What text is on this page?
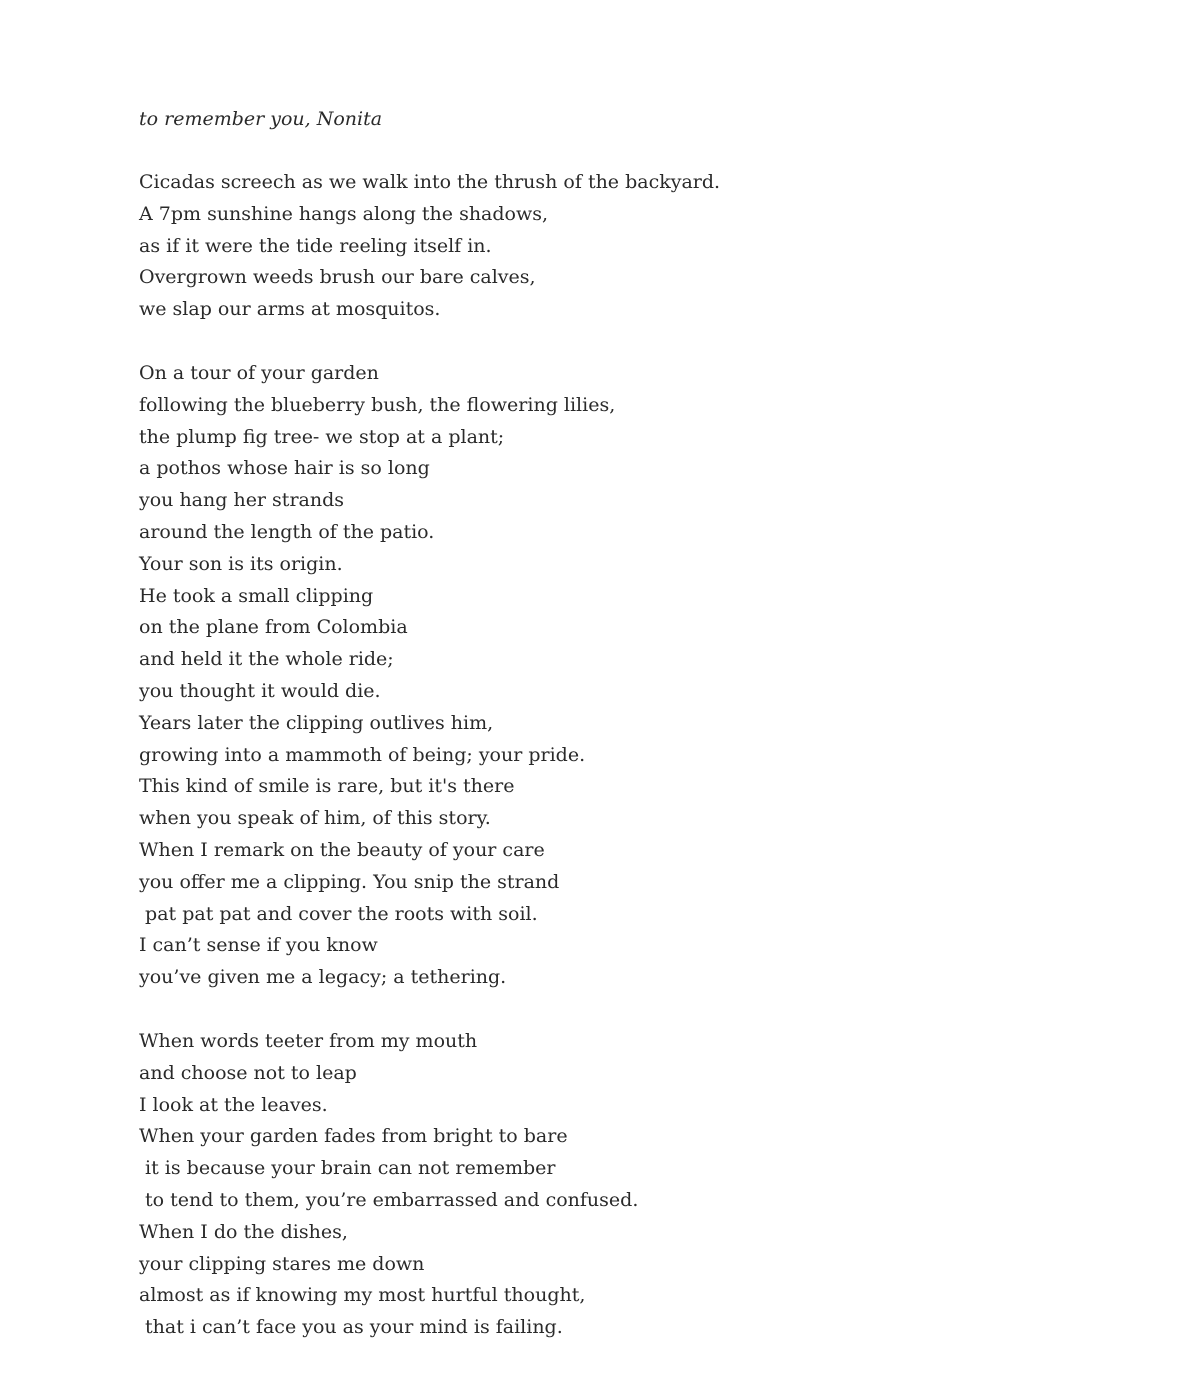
to remember you, Nonita
Cicadas screech as we walk into the thrush of the backyard.
A 7pm sunshine hangs along the shadows,
as if it were the tide reeling itself in.
Overgrown weeds brush our bare calves,
we slap our arms at mosquitos.
On a tour of your garden
following the blueberry bush, the flowering lilies,
the plump fig tree- we stop at a plant;
a pothos whose hair is so long
you hang her strands
around the length of the patio.
Your son is its origin.
He took a small clipping
on the plane from Colombia
and held it the whole ride;
you thought it would die.
Years later the clipping outlives him,
growing into a mammoth of being; your pride.
This kind of smile is rare, but it's there
when you speak of him, of this story.
When I remark on the beauty of your care
you offer me a clipping. You snip the strand
pat pat pat and cover the roots with soil.
I can’t sense if you know
you’ve given me a legacy; a tethering.
When words teeter from my mouth
and choose not to leap
I look at the leaves.
When your garden fades from bright to bare
it is because your brain can not remember
to tend to them, you’re embarrassed and confused.
When I do the dishes,
your clipping stares me down
almost as if knowing my most hurtful thought,
that i can’t face you as your mind is failing.
